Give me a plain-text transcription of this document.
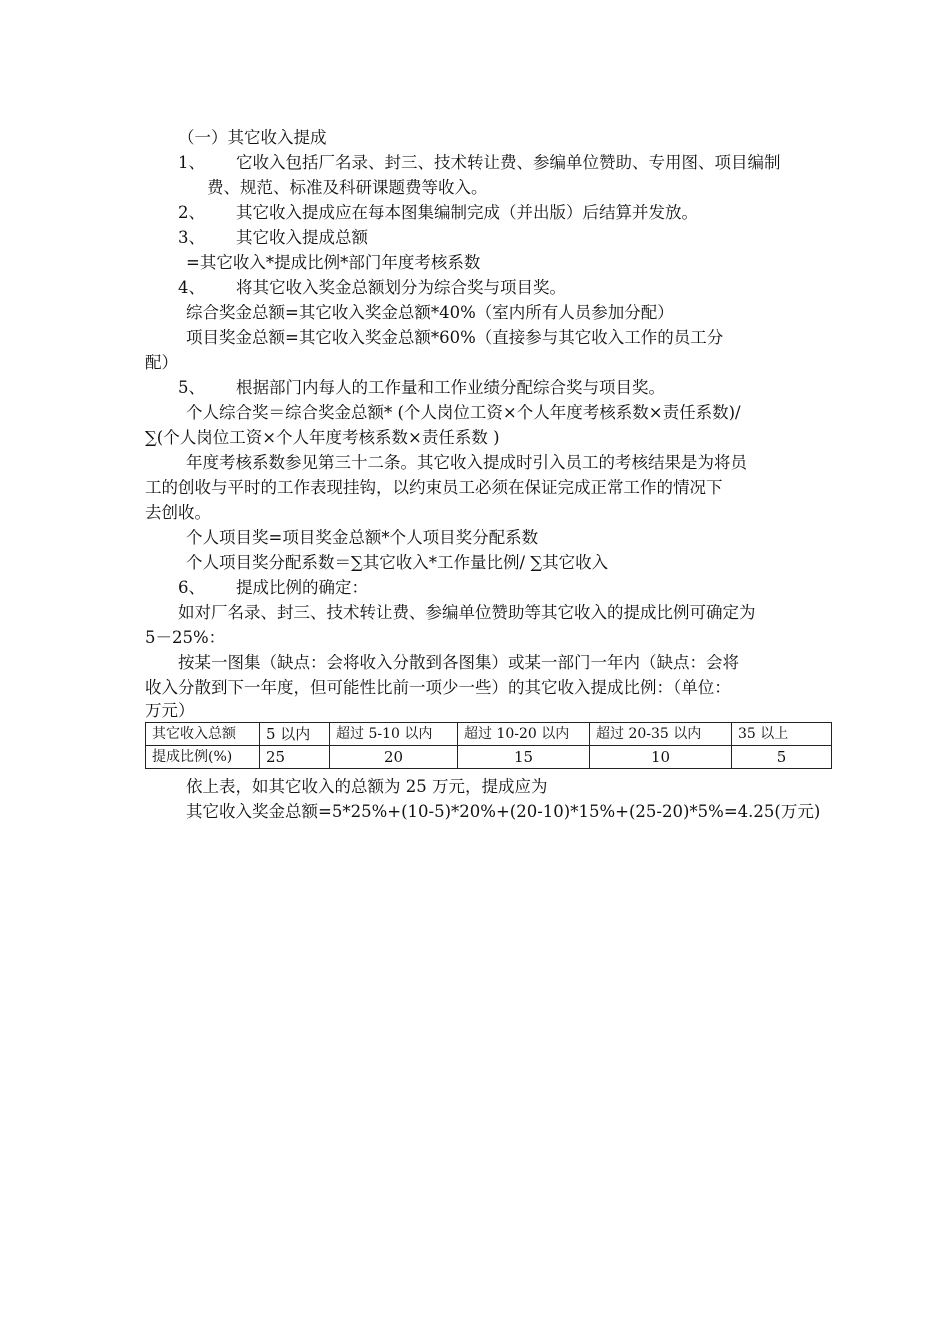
（一）其它收入提成
1、 它收入包括厂名录、封三、技术转让费、参编单位赞助、专用图、项目编制
费、规范、标准及科研课题费等收入。
2、 其它收入提成应在每本图集编制完成（并出版）后结算并发放。
3、 其它收入提成总额
=其它收入*提成比例*部门年度考核系数
4、 将其它收入奖金总额划分为综合奖与项目奖。
综合奖金总额=其它收入奖金总额*40%（室内所有人员参加分配）
项目奖金总额=其它收入奖金总额*60%（直接参与其它收入工作的员工分
配）
5、 根据部门内每人的工作量和工作业绩分配综合奖与项目奖。
个人综合奖＝综合奖金总额* (个人岗位工资×个人年度考核系数×责任系数)/
∑(个人岗位工资×个人年度考核系数×责任系数 )
年度考核系数参见第三十二条。其它收入提成时引入员工的考核结果是为将员
工的创收与平时的工作表现挂钩，以约束员工必须在保证完成正常工作的情况下
去创收。
个人项目奖=项目奖金总额*个人项目奖分配系数
个人项目奖分配系数＝∑其它收入*工作量比例/ ∑其它收入
6、 提成比例的确定：
如对厂名录、封三、技术转让费、参编单位赞助等其它收入的提成比例可确定为
5－25%：
按某一图集（缺点：会将收入分散到各图集）或某一部门一年内（缺点：会将
收入分散到下一年度，但可能性比前一项少一些）的其它收入提成比例：（单位：
万元）
其它收入总额	5 以内	超过 5-10 以内	超过 10-20 以内	超过 20-35 以内	35 以上
提成比例(%)	25	20	15	10	5
依上表，如其它收入的总额为 25 万元，提成应为
其它收入奖金总额=5*25%+(10-5)*20%+(20-10)*15%+(25-20)*5%=4.25(万元)
